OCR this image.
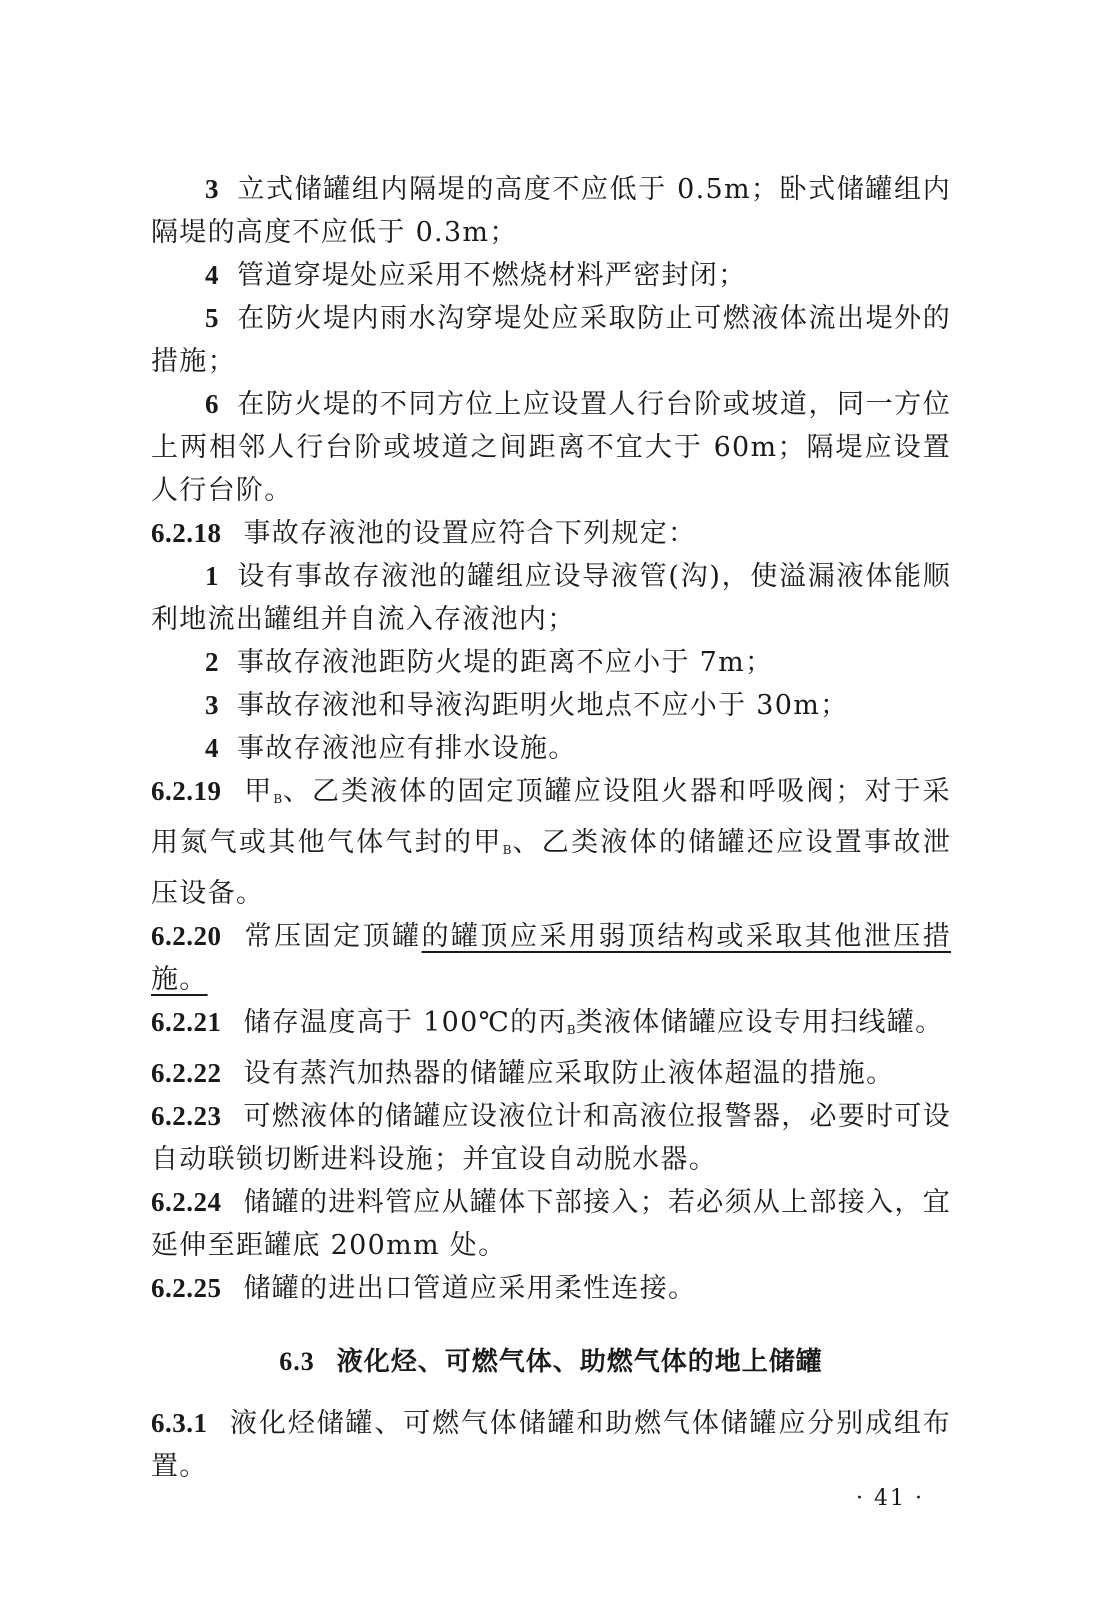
3 立式储罐组内隔堤的高度不应低于 0.5m；卧式储罐组内隔堤的高度不应低于 0.3m；

4 管道穿堤处应采用不燃烧材料严密封闭；

5 在防火堤内雨水沟穿堤处应采取防止可燃液体流出堤外的措施；

6 在防火堤的不同方位上应设置人行台阶或坡道，同一方位上两相邻人行台阶或坡道之间距离不宜大于 60m；隔堤应设置人行台阶。

6.2.18 事故存液池的设置应符合下列规定：

1 设有事故存液池的罐组应设导液管(沟)，使溢漏液体能顺利地流出罐组并自流入存液池内；

2 事故存液池距防火堤的距离不应小于 7m；

3 事故存液池和导液沟距明火地点不应小于 30m；

4 事故存液池应有排水设施。

6.2.19 甲$_B$、乙类液体的固定顶罐应设阻火器和呼吸阀；对于采用氮气或其他气体气封的甲$_B$、乙类液体的储罐还应设置事故泄压设备。

6.2.20 常压固定顶罐的罐顶应采用弱顶结构或采取其他泄压措施。

6.2.21 储存温度高于 100℃的丙$_B$类液体储罐应设专用扫线罐。

6.2.22 设有蒸汽加热器的储罐应采取防止液体超温的措施。

6.2.23 可燃液体的储罐应设液位计和高液位报警器，必要时可设自动联锁切断进料设施；并宜设自动脱水器。

6.2.24 储罐的进料管应从罐体下部接入；若必须从上部接入，宜延伸至距罐底 200mm 处。

6.2.25 储罐的进出口管道应采用柔性连接。

6.3 液化烃、可燃气体、助燃气体的地上储罐

6.3.1 液化烃储罐、可燃气体储罐和助燃气体储罐应分别成组布置。

· 41 ·
